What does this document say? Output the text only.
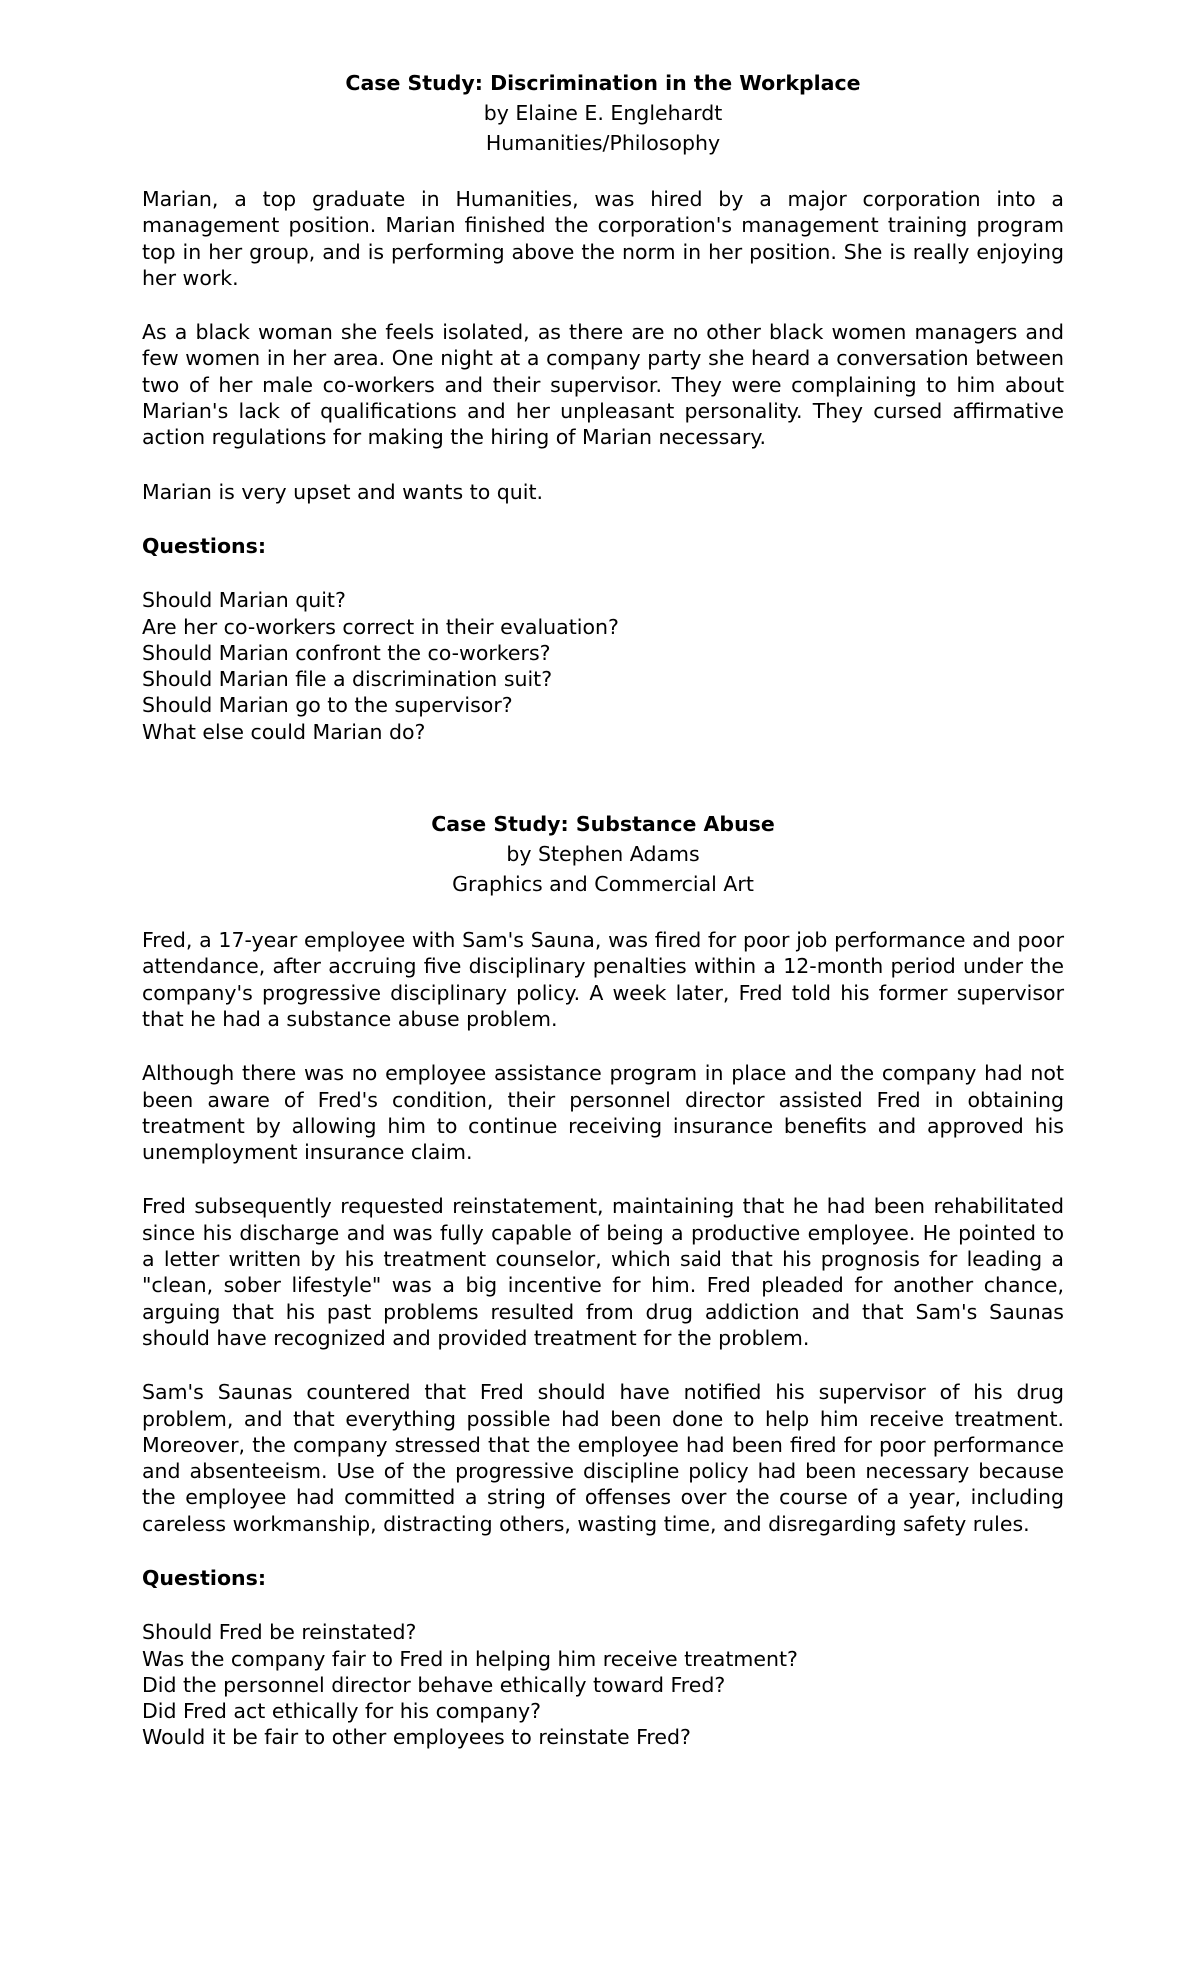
Case Study: Discrimination in the Workplace
by Elaine E. Englehardt
Humanities/Philosophy

Marian, a top graduate in Humanities, was hired by a major corporation into a management position. Marian finished the corporation's management training program top in her group, and is performing above the norm in her position. She is really enjoying her work.

As a black woman she feels isolated, as there are no other black women managers and few women in her area. One night at a company party she heard a conversation between two of her male co-workers and their supervisor. They were complaining to him about Marian's lack of qualifications and her unpleasant personality. They cursed affirmative action regulations for making the hiring of Marian necessary.

Marian is very upset and wants to quit.

Questions:

Should Marian quit?
Are her co-workers correct in their evaluation?
Should Marian confront the co-workers?
Should Marian file a discrimination suit?
Should Marian go to the supervisor?
What else could Marian do?
Case Study: Substance Abuse
by Stephen Adams
Graphics and Commercial Art

Fred, a 17-year employee with Sam's Sauna, was fired for poor job performance and poor attendance, after accruing five disciplinary penalties within a 12-month period under the company's progressive disciplinary policy. A week later, Fred told his former supervisor that he had a substance abuse problem.

Although there was no employee assistance program in place and the company had not been aware of Fred's condition, their personnel director assisted Fred in obtaining treatment by allowing him to continue receiving insurance benefits and approved his unemployment insurance claim.

Fred subsequently requested reinstatement, maintaining that he had been rehabilitated since his discharge and was fully capable of being a productive employee. He pointed to a letter written by his treatment counselor, which said that his prognosis for leading a "clean, sober lifestyle" was a big incentive for him. Fred pleaded for another chance, arguing that his past problems resulted from drug addiction and that Sam's Saunas should have recognized and provided treatment for the problem.

Sam's Saunas countered that Fred should have notified his supervisor of his drug problem, and that everything possible had been done to help him receive treatment. Moreover, the company stressed that the employee had been fired for poor performance and absenteeism. Use of the progressive discipline policy had been necessary because the employee had committed a string of offenses over the course of a year, including careless workmanship, distracting others, wasting time, and disregarding safety rules.

Questions:

Should Fred be reinstated?
Was the company fair to Fred in helping him receive treatment?
Did the personnel director behave ethically toward Fred?
Did Fred act ethically for his company?
Would it be fair to other employees to reinstate Fred?
